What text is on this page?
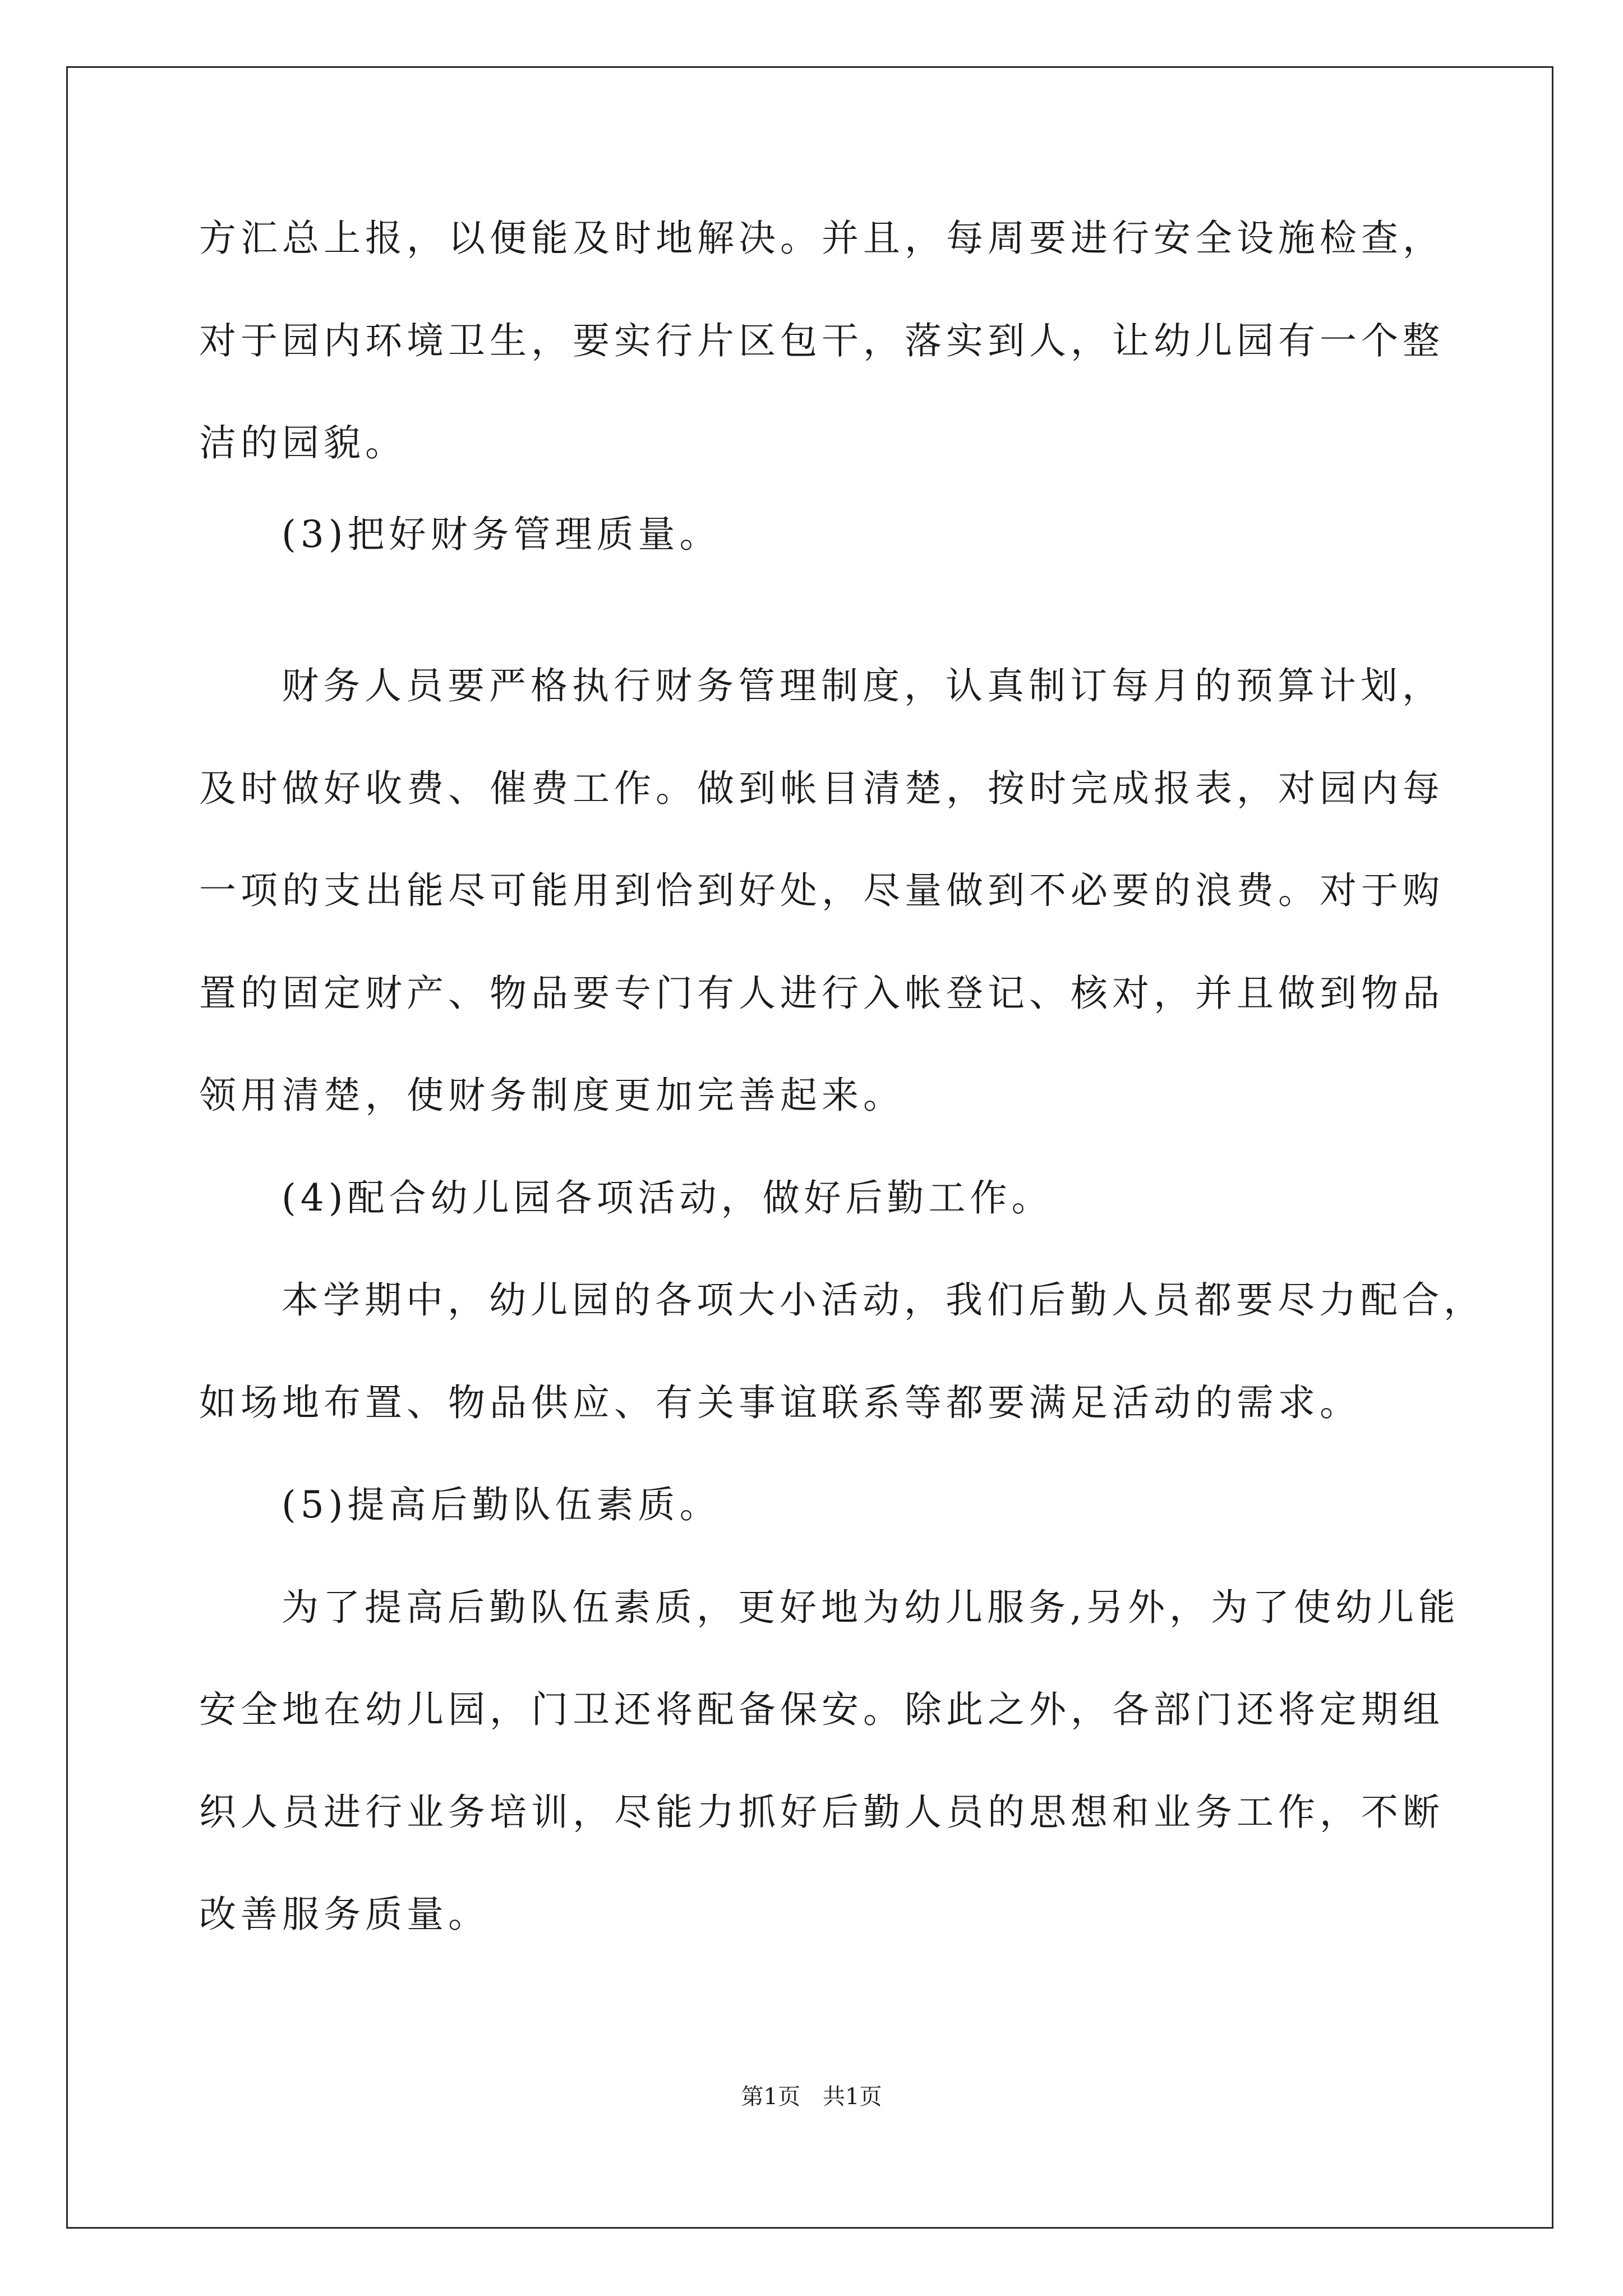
方汇总上报，以便能及时地解决。并且，每周要进行安全设施检查，
对于园内环境卫生，要实行片区包干，落实到人，让幼儿园有一个整
洁的园貌。
(3)把好财务管理质量。
财务人员要严格执行财务管理制度，认真制订每月的预算计划，
及时做好收费、催费工作。做到帐目清楚，按时完成报表，对园内每
一项的支出能尽可能用到恰到好处，尽量做到不必要的浪费。对于购
置的固定财产、物品要专门有人进行入帐登记、核对，并且做到物品
领用清楚，使财务制度更加完善起来。
(4)配合幼儿园各项活动，做好后勤工作。
本学期中，幼儿园的各项大小活动，我们后勤人员都要尽力配合，
如场地布置、物品供应、有关事谊联系等都要满足活动的需求。
(5)提高后勤队伍素质。
为了提高后勤队伍素质，更好地为幼儿服务,另外，为了使幼儿能
安全地在幼儿园，门卫还将配备保安。除此之外，各部门还将定期组
织人员进行业务培训，尽能力抓好后勤人员的思想和业务工作，不断
改善服务质量。
第1页　共1页
